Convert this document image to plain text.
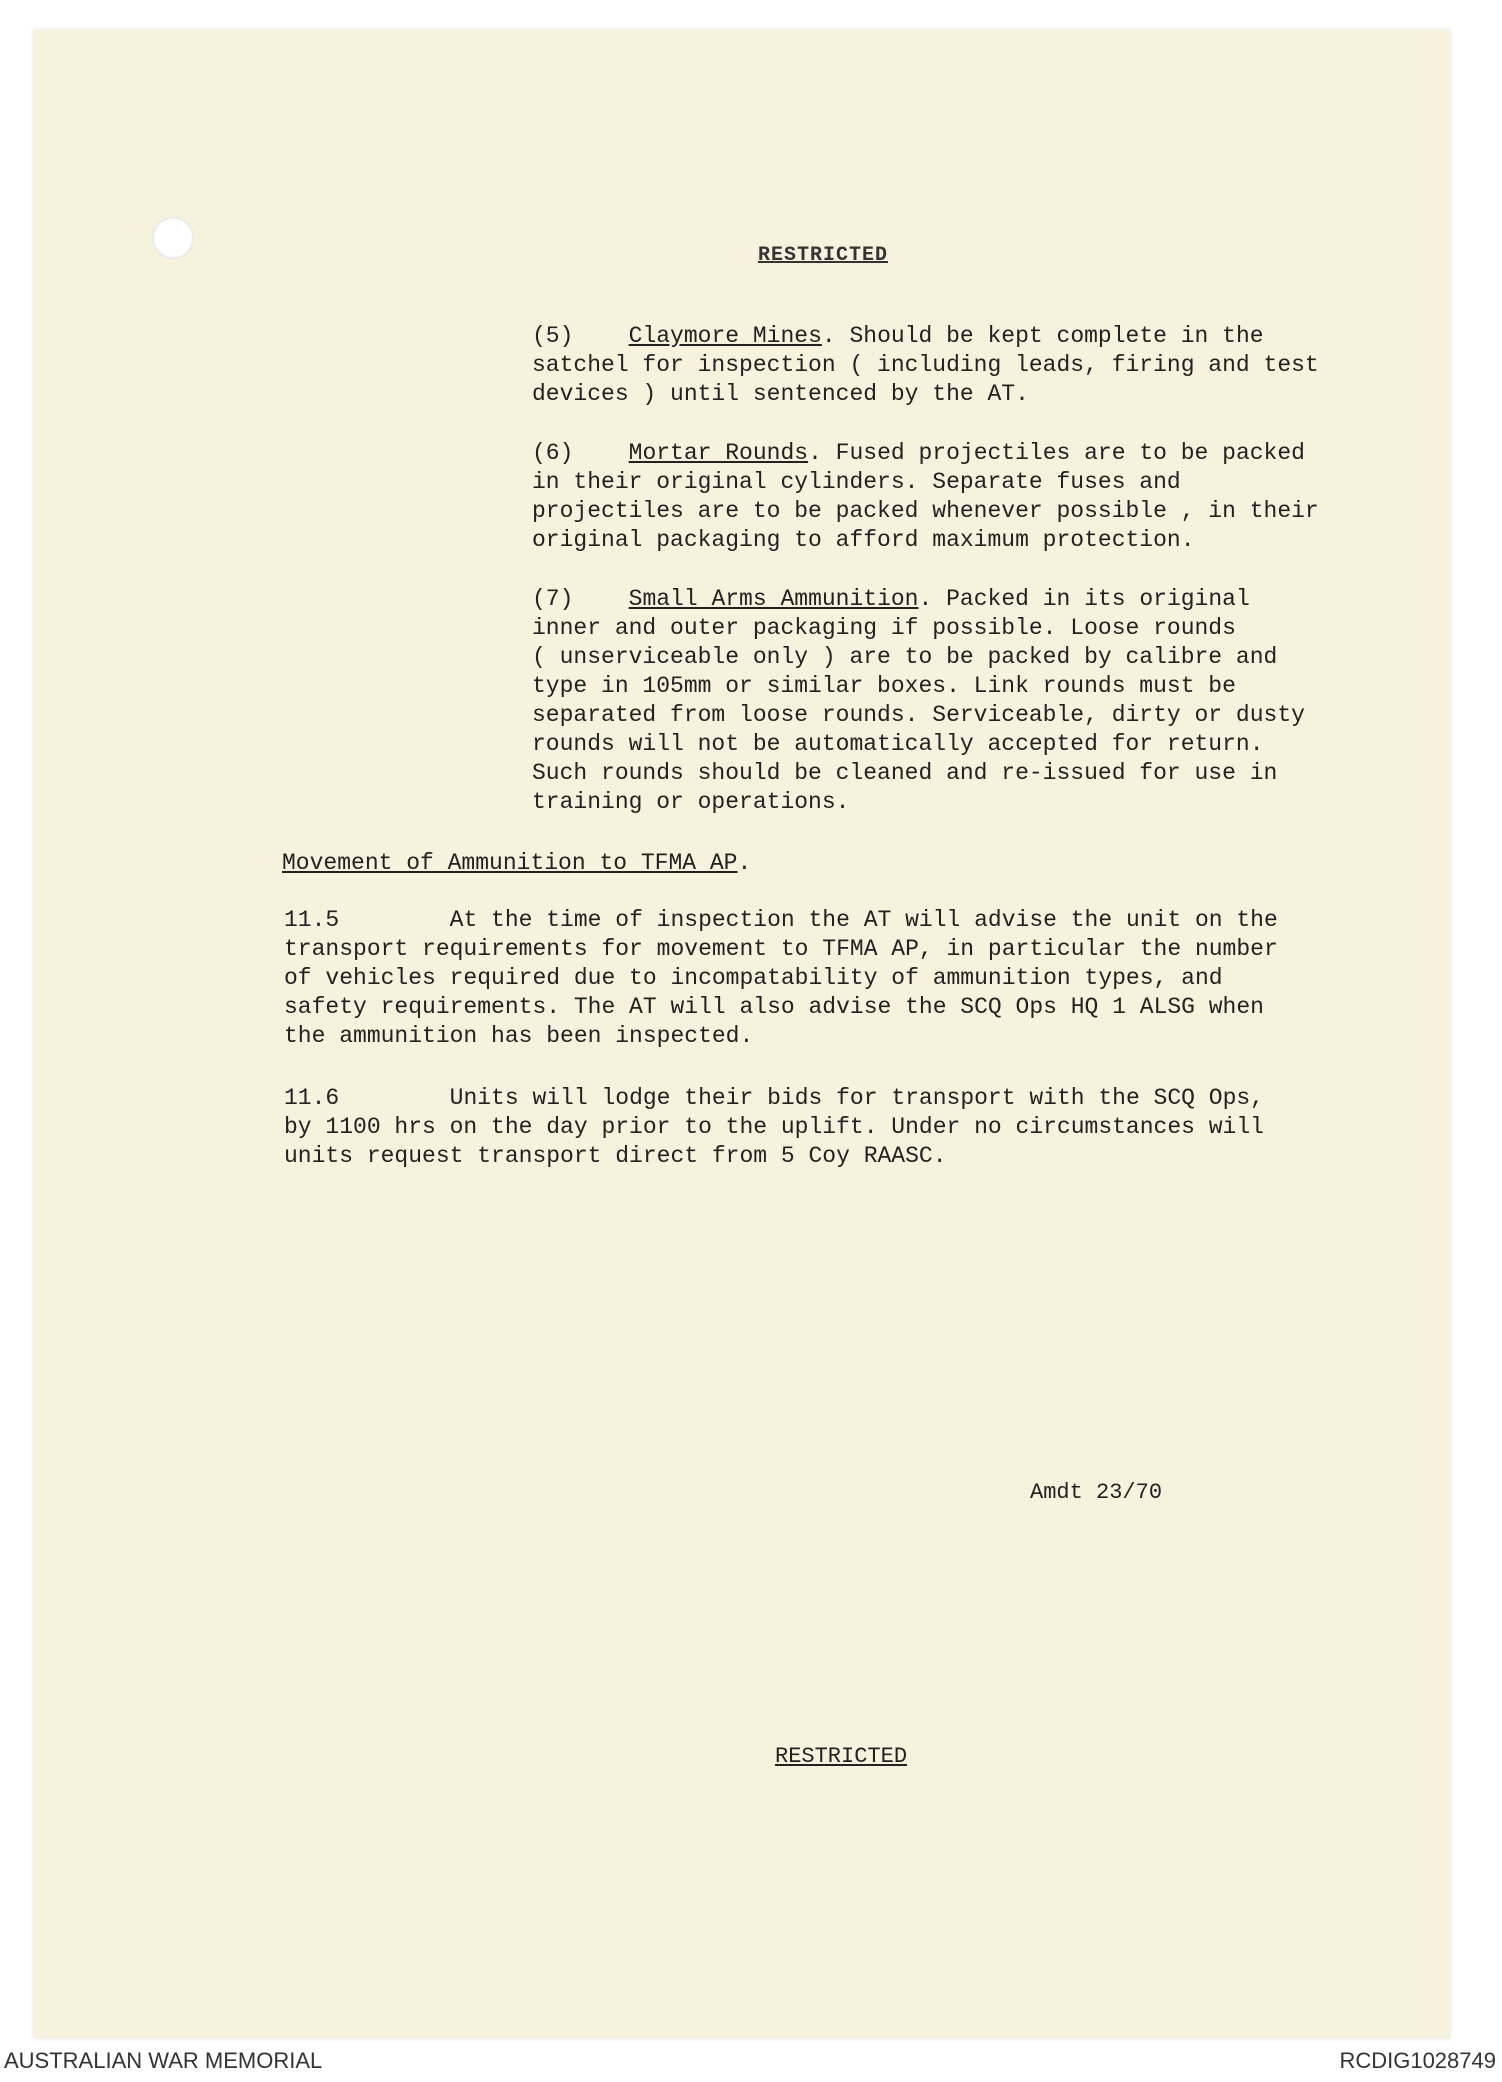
RESTRICTED
(5) Claymore Mines. Should be kept complete in the
satchel for inspection ( including leads, firing and test
devices ) until sentenced by the AT.
(6) Mortar Rounds. Fused projectiles are to be packed
in their original cylinders. Separate fuses and
projectiles are to be packed whenever possible , in their
original packaging to afford maximum protection.
(7) Small Arms Ammunition. Packed in its original
inner and outer packaging if possible. Loose rounds
( unserviceable only ) are to be packed by calibre and
type in 105mm or similar boxes. Link rounds must be
separated from loose rounds. Serviceable, dirty or dusty
rounds will not be automatically accepted for return.
Such rounds should be cleaned and re-issued for use in
training or operations.
Movement of Ammunition to TFMA AP.
11.5	At the time of inspection the AT will advise the unit on the
transport requirements for movement to TFMA AP, in particular the number
of vehicles required due to incompatability of ammunition types, and
safety requirements. The AT will also advise the SCQ Ops HQ 1 ALSG when
the ammunition has been inspected.
11.6	Units will lodge their bids for transport with the SCQ Ops,
by 1100 hrs on the day prior to the uplift. Under no circumstances will
units request transport direct from 5 Coy RAASC.
Amdt 23/70
RESTRICTED
AUSTRALIAN WAR MEMORIAL	RCDIG1028749
